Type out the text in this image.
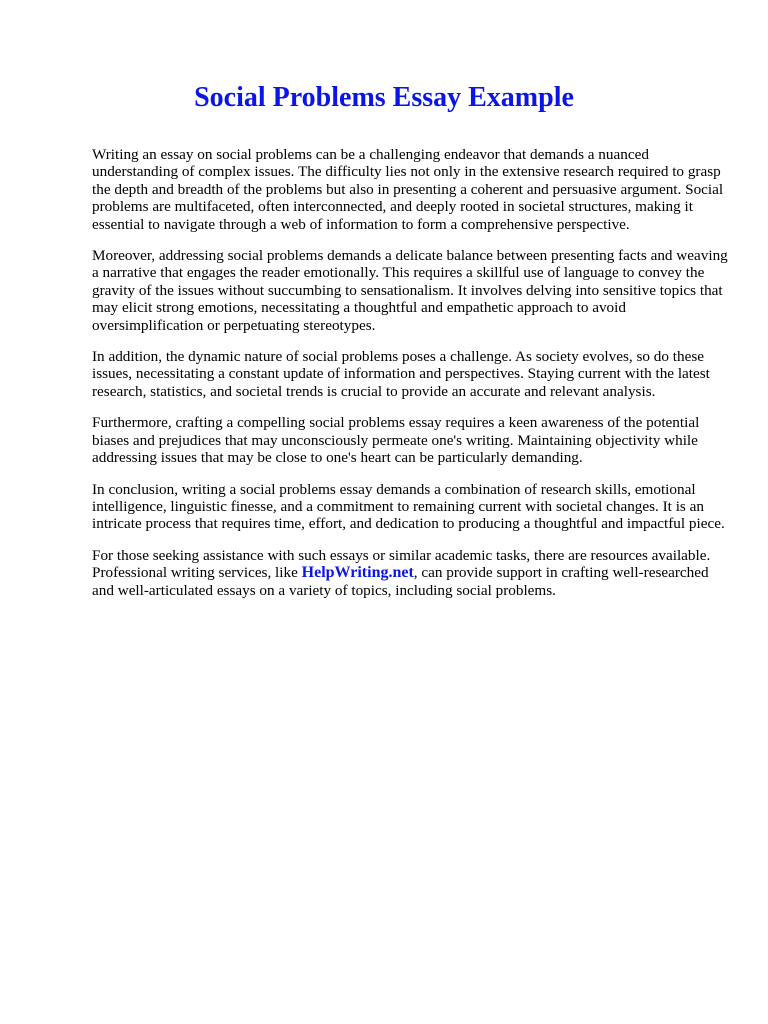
Social Problems Essay Example

Writing an essay on social problems can be a challenging endeavor that demands a nuanced understanding of complex issues. The difficulty lies not only in the extensive research required to grasp the depth and breadth of the problems but also in presenting a coherent and persuasive argument. Social problems are multifaceted, often interconnected, and deeply rooted in societal structures, making it essential to navigate through a web of information to form a comprehensive perspective.

Moreover, addressing social problems demands a delicate balance between presenting facts and weaving a narrative that engages the reader emotionally. This requires a skillful use of language to convey the gravity of the issues without succumbing to sensationalism. It involves delving into sensitive topics that may elicit strong emotions, necessitating a thoughtful and empathetic approach to avoid oversimplification or perpetuating stereotypes.

In addition, the dynamic nature of social problems poses a challenge. As society evolves, so do these issues, necessitating a constant update of information and perspectives. Staying current with the latest research, statistics, and societal trends is crucial to provide an accurate and relevant analysis.

Furthermore, crafting a compelling social problems essay requires a keen awareness of the potential biases and prejudices that may unconsciously permeate one's writing. Maintaining objectivity while addressing issues that may be close to one's heart can be particularly demanding.

In conclusion, writing a social problems essay demands a combination of research skills, emotional intelligence, linguistic finesse, and a commitment to remaining current with societal changes. It is an intricate process that requires time, effort, and dedication to producing a thoughtful and impactful piece.

For those seeking assistance with such essays or similar academic tasks, there are resources available. Professional writing services, like HelpWriting.net, can provide support in crafting well-researched and well-articulated essays on a variety of topics, including social problems.
